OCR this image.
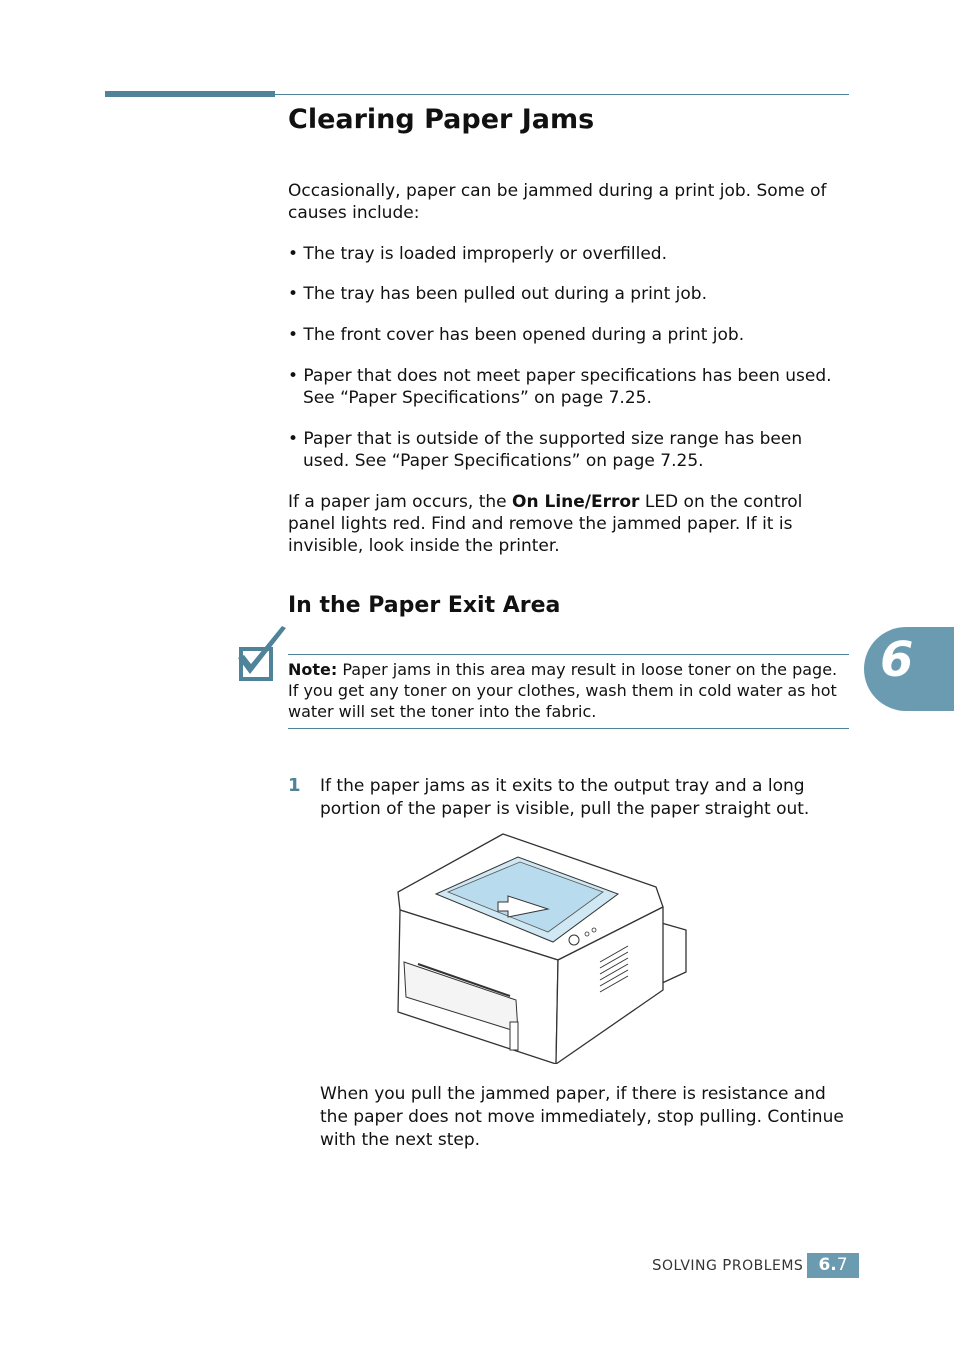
Clearing Paper Jams

Occasionally, paper can be jammed during a print job. Some of causes include:

• The tray is loaded improperly or overfilled.

• The tray has been pulled out during a print job.

• The front cover has been opened during a print job.

• Paper that does not meet paper specifications has been used. See “Paper Specifications” on page 7.25.

• Paper that is outside of the supported size range has been used. See “Paper Specifications” on page 7.25.

If a paper jam occurs, the On Line/Error LED on the control panel lights red. Find and remove the jammed paper. If it is invisible, look inside the printer.

In the Paper Exit Area

Note: Paper jams in this area may result in loose toner on the page. If you get any toner on your clothes, wash them in cold water as hot water will set the toner into the fabric.

1 If the paper jams as it exits to the output tray and a long portion of the paper is visible, pull the paper straight out.

When you pull the jammed paper, if there is resistance and the paper does not move immediately, stop pulling. Continue with the next step.

6
SOLVING PROBLEMS 6.7
